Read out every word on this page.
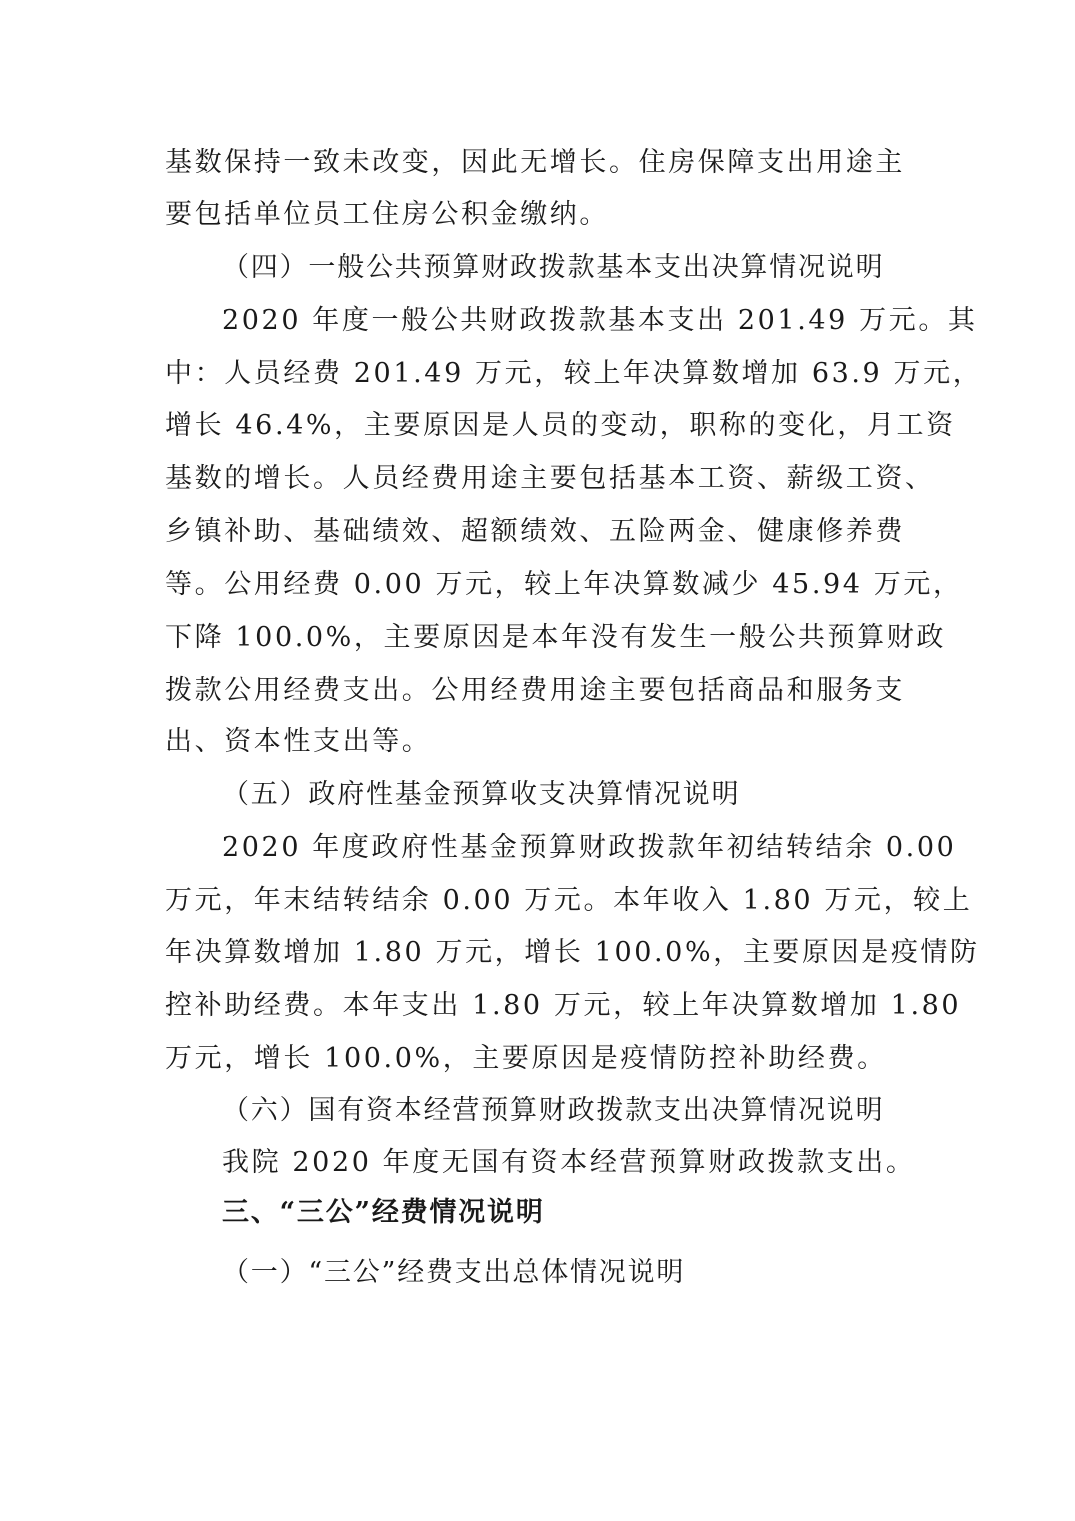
基数保持一致未改变，因此无增长。住房保障支出用途主
要包括单位员工住房公积金缴纳。
（四）一般公共预算财政拨款基本支出决算情况说明
2020 年度一般公共财政拨款基本支出 201.49 万元。其
中：人员经费 201.49 万元，较上年决算数增加 63.9 万元，
增长 46.4%，主要原因是人员的变动，职称的变化，月工资
基数的增长。人员经费用途主要包括基本工资、薪级工资、
乡镇补助、基础绩效、超额绩效、五险两金、健康修养费
等。公用经费 0.00 万元，较上年决算数减少 45.94 万元，
下降 100.0%，主要原因是本年没有发生一般公共预算财政
拨款公用经费支出。公用经费用途主要包括商品和服务支
出、资本性支出等。
（五）政府性基金预算收支决算情况说明
2020 年度政府性基金预算财政拨款年初结转结余 0.00
万元，年末结转结余 0.00 万元。本年收入 1.80 万元，较上
年决算数增加 1.80 万元，增长 100.0%，主要原因是疫情防
控补助经费。本年支出 1.80 万元，较上年决算数增加 1.80
万元，增长 100.0%，主要原因是疫情防控补助经费。
（六）国有资本经营预算财政拨款支出决算情况说明
我院 2020 年度无国有资本经营预算财政拨款支出。
三、“三公”经费情况说明
（一）“三公”经费支出总体情况说明
